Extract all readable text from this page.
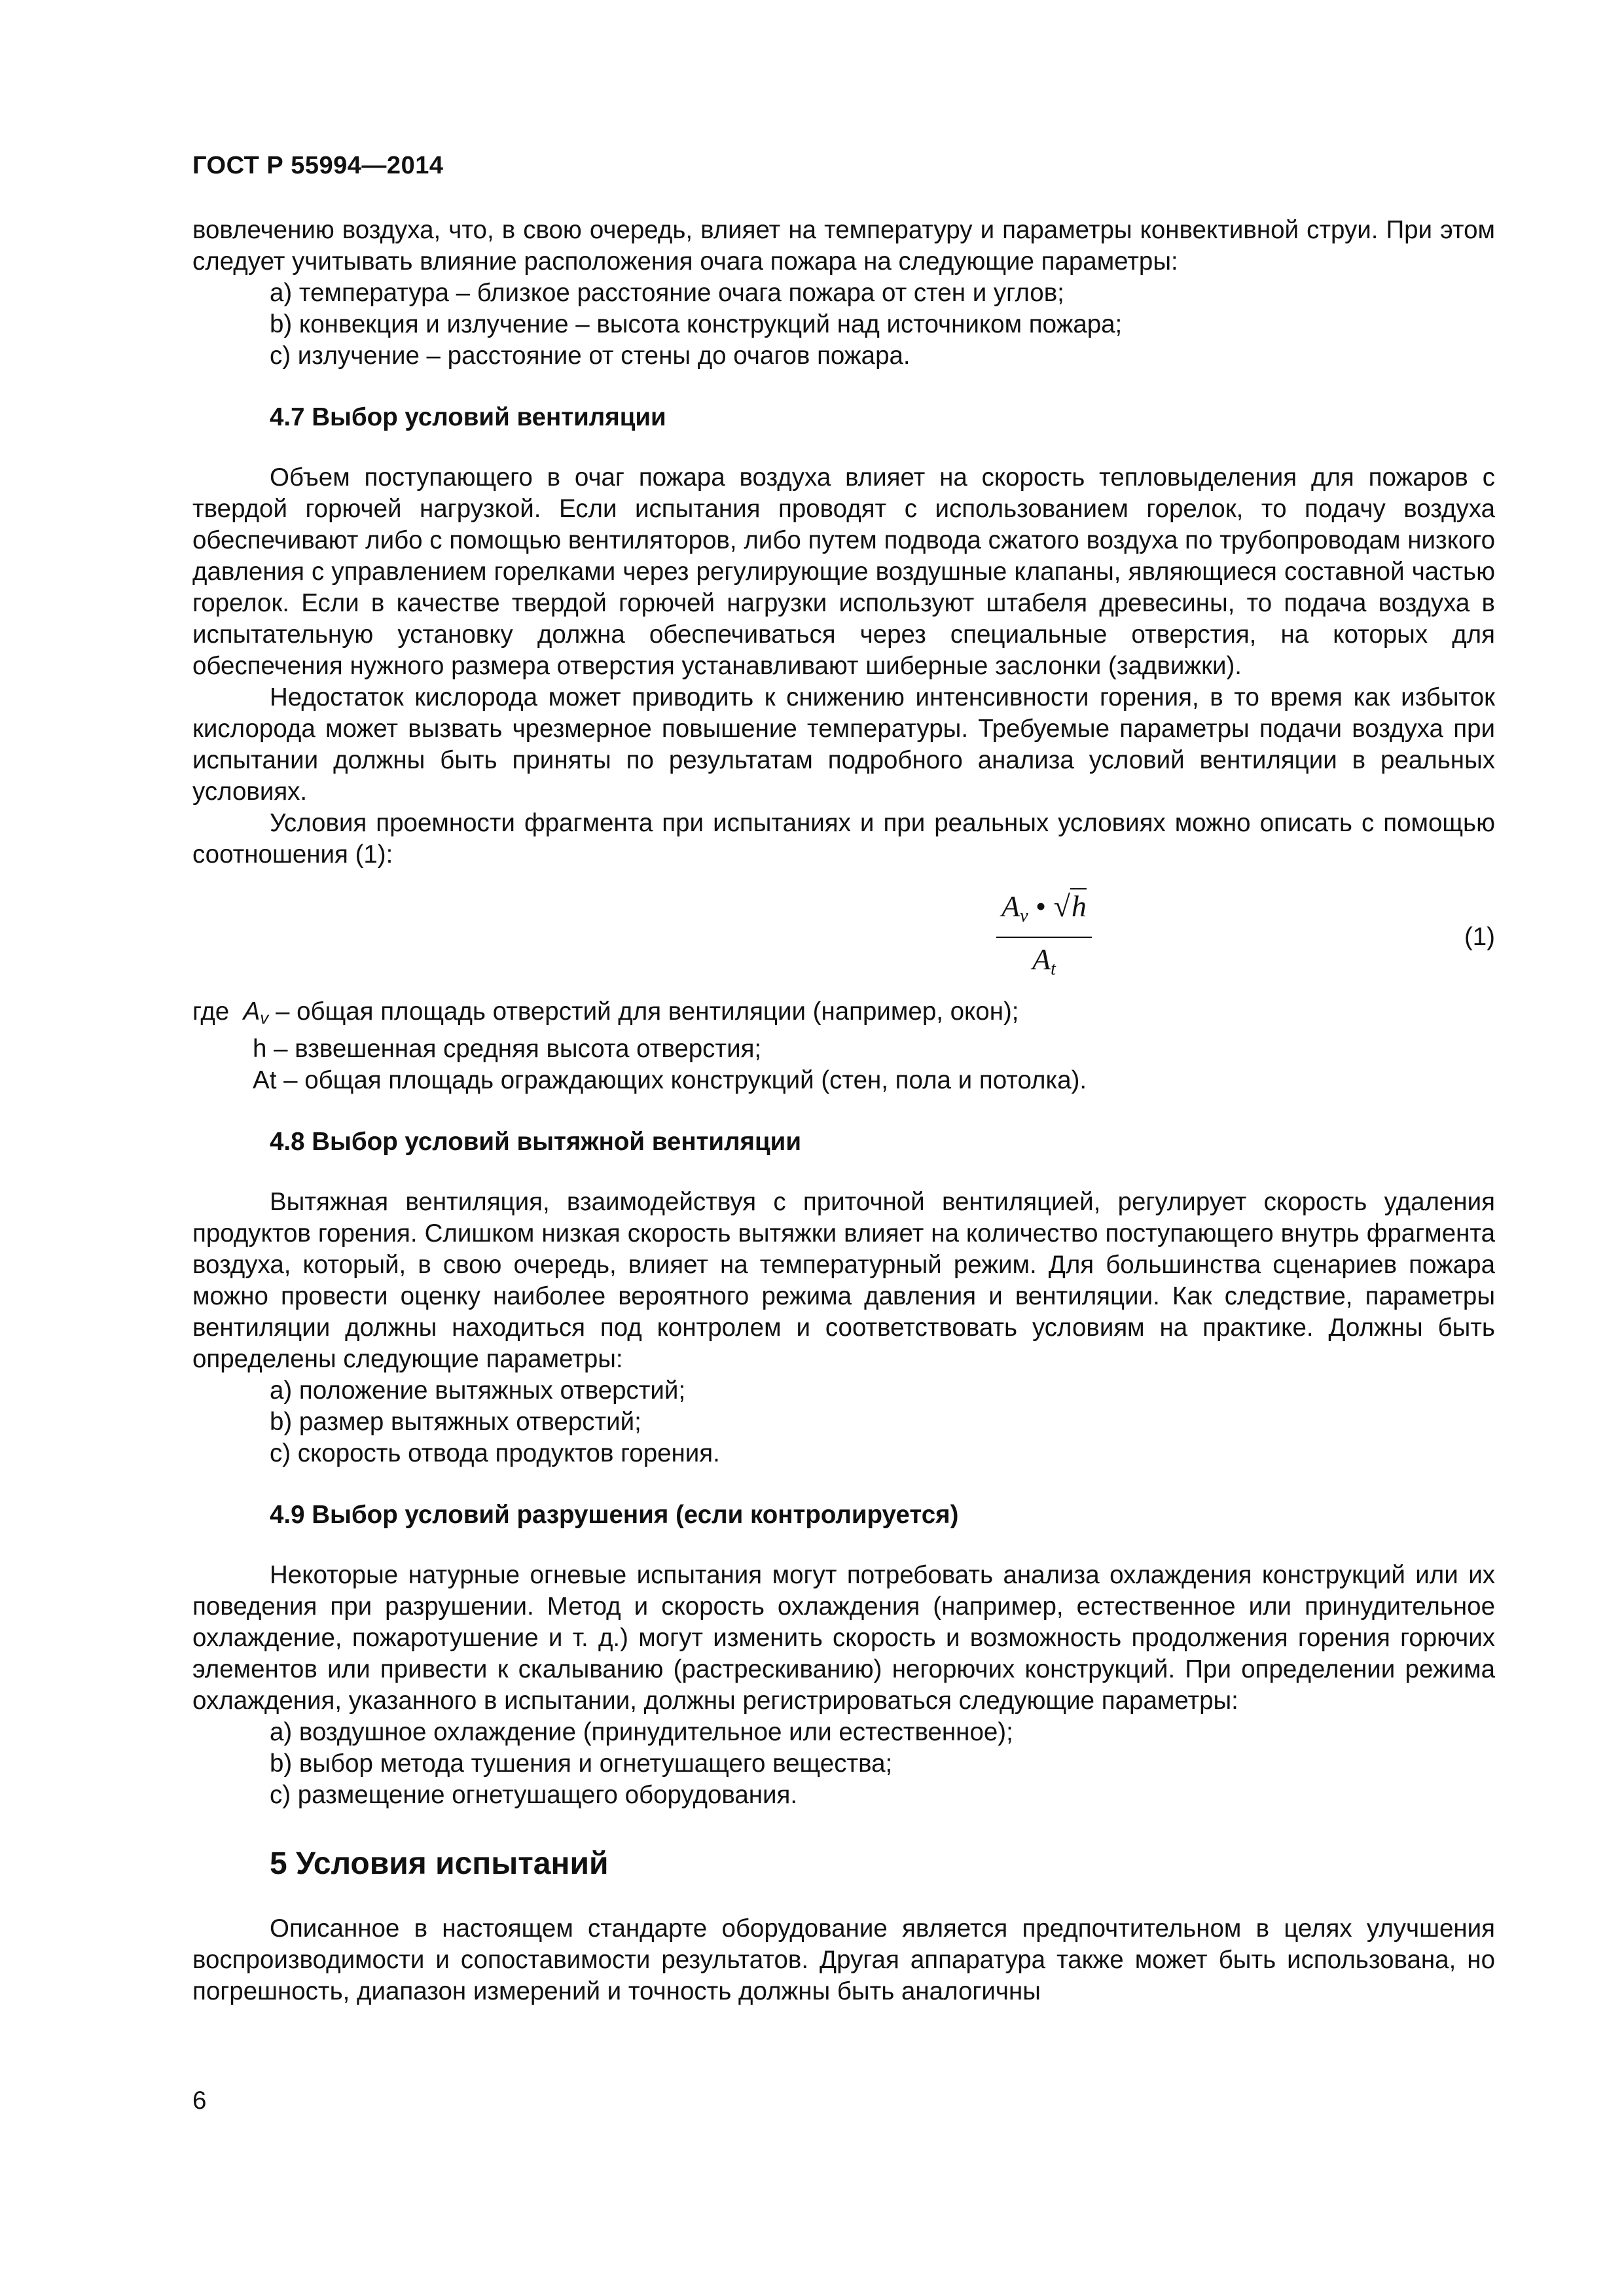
ГОСТ Р 55994—2014

вовлечению воздуха, что, в свою очередь, влияет на температуру и параметры конвективной струи. При этом следует учитывать влияние расположения очага пожара на следующие параметры:

a) температура – близкое расстояние очага пожара от стен и углов;

b) конвекция и излучение – высота конструкций над источником пожара;

c) излучение – расстояние от стены до очагов пожара.

4.7 Выбор условий вентиляции

Объем поступающего в очаг пожара воздуха влияет на скорость тепловыделения для пожаров с твердой горючей нагрузкой. Если испытания проводят с использованием горелок, то подачу воздуха обеспечивают либо с помощью вентиляторов, либо путем подвода сжатого воздуха по трубопроводам низкого давления с управлением горелками через регулирующие воздушные клапаны, являющиеся составной частью горелок. Если в качестве твердой горючей нагрузки используют штабеля древесины, то подача воздуха в испытательную установку должна обеспечиваться через специальные отверстия, на которых для обеспечения нужного размера отверстия устанавливают шиберные заслонки (задвижки).

Недостаток кислорода может приводить к снижению интенсивности горения, в то время как избыток кислорода может вызвать чрезмерное повышение температуры. Требуемые параметры подачи воздуха при испытании должны быть приняты по результатам подробного анализа условий вентиляции в реальных условиях.

Условия проемности фрагмента при испытаниях и при реальных условиях можно описать с помощью соотношения (1):

$A_v$ • √h
$A_t$
(1)

где Av – общая площадь отверстий для вентиляции (например, окон);

h – взвешенная средняя высота отверстия;

At – общая площадь ограждающих конструкций (стен, пола и потолка).

4.8 Выбор условий вытяжной вентиляции

Вытяжная вентиляция, взаимодействуя с приточной вентиляцией, регулирует скорость удаления продуктов горения. Слишком низкая скорость вытяжки влияет на количество поступающего внутрь фрагмента воздуха, который, в свою очередь, влияет на температурный режим. Для большинства сценариев пожара можно провести оценку наиболее вероятного режима давления и вентиляции. Как следствие, параметры вентиляции должны находиться под контролем и соответствовать условиям на практике. Должны быть определены следующие параметры:

a) положение вытяжных отверстий;

b) размер вытяжных отверстий;

c) скорость отвода продуктов горения.

4.9 Выбор условий разрушения (если контролируется)

Некоторые натурные огневые испытания могут потребовать анализа охлаждения конструкций или их поведения при разрушении. Метод и скорость охлаждения (например, естественное или принудительное охлаждение, пожаротушение и т. д.) могут изменить скорость и возможность продолжения горения горючих элементов или привести к скалыванию (растрескиванию) негорючих конструкций. При определении режима охлаждения, указанного в испытании, должны регистрироваться следующие параметры:

a) воздушное охлаждение (принудительное или естественное);

b) выбор метода тушения и огнетушащего вещества;

c) размещение огнетушащего оборудования.

5 Условия испытаний

Описанное в настоящем стандарте оборудование является предпочтительном в целях улучшения воспроизводимости и сопоставимости результатов. Другая аппаратура также может быть использована, но погрешность, диапазон измерений и точность должны быть аналогичны

6
